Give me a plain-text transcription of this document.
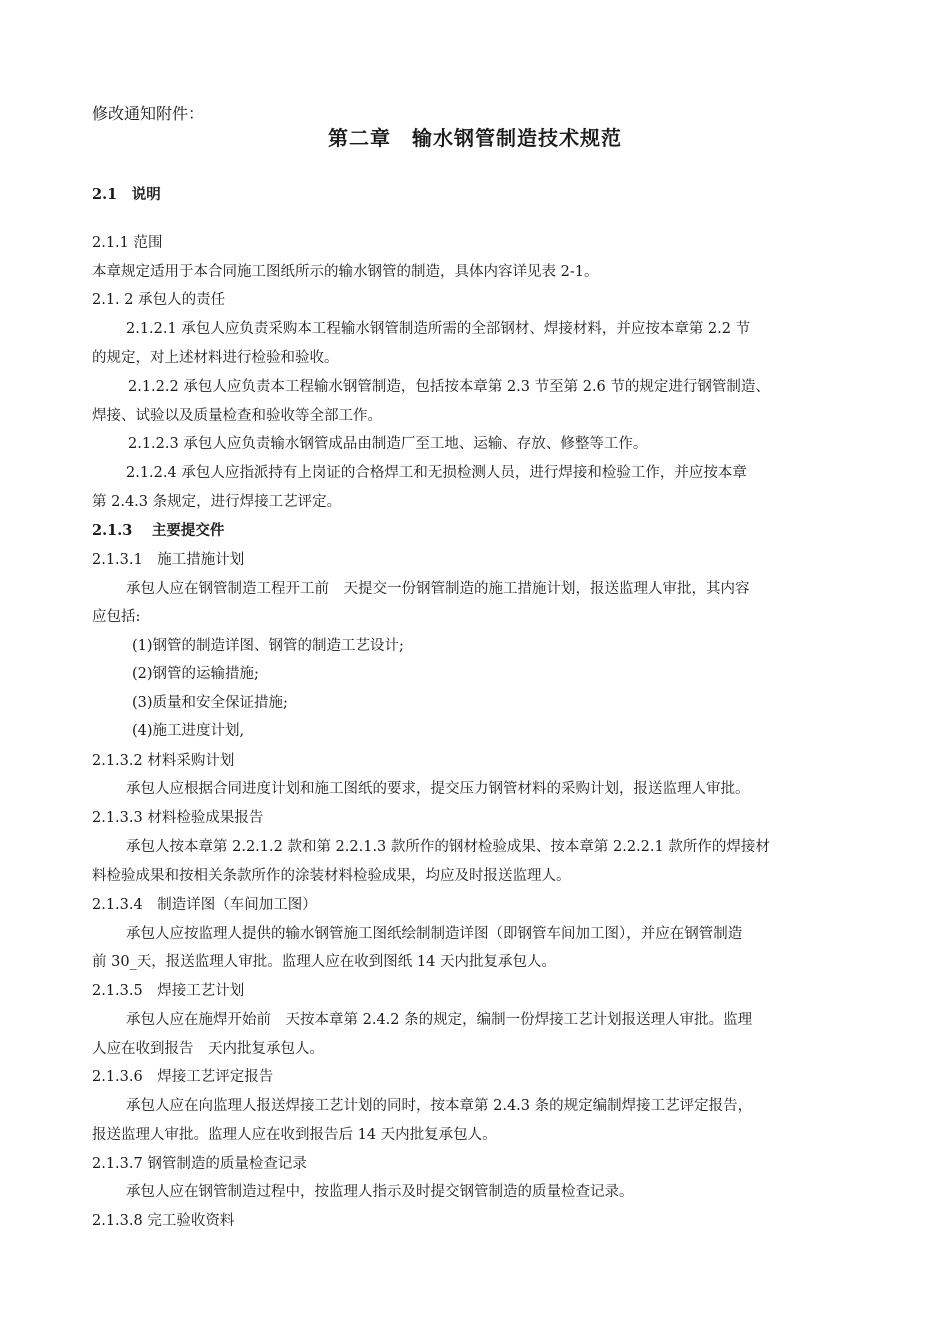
修改通知附件：
第二章　输水钢管制造技术规范
2.1　说明
2.1.1 范围
本章规定适用于本合同施工图纸所示的输水钢管的制造，具体内容详见表 2-1。
2.1. 2 承包人的责任
2.1.2.1 承包人应负责采购本工程输水钢管制造所需的全部钢材、焊接材料，并应按本章第 2.2 节
的规定，对上述材料进行检验和验收。
2.1.2.2 承包人应负责本工程输水钢管制造，包括按本章第 2.3 节至第 2.6 节的规定进行钢管制造、
焊接、试验以及质量检查和验收等全部工作。
2.1.2.3 承包人应负责输水钢管成品由制造厂至工地、运输、存放、修整等工作。
2.1.2.4 承包人应指派持有上岗证的合格焊工和无损检测人员，进行焊接和检验工作，并应按本章
第 2.4.3 条规定，进行焊接工艺评定。
2.1.3　 主要提交件
2.1.3.1　施工措施计划
承包人应在钢管制造工程开工前　天提交一份钢管制造的施工措施计划，报送监理人审批，其内容
应包括:
(1)钢管的制造详图、钢管的制造工艺设计;
(2)钢管的运输措施;
(3)质量和安全保证措施;
(4)施工进度计划,
2.1.3.2 材料采购计划
承包人应根据合同进度计划和施工图纸的要求，提交压力钢管材料的采购计划，报送监理人审批。
2.1.3.3 材料检验成果报告
承包人按本章第 2.2.1.2 款和第 2.2.1.3 款所作的钢材检验成果、按本章第 2.2.2.1 款所作的焊接材
料检验成果和按相关条款所作的涂装材料检验成果，均应及时报送监理人。
2.1.3.4　制造详图（车间加工图）
承包人应按监理人提供的输水钢管施工图纸绘制制造详图（即钢管车间加工图），并应在钢管制造
前 30_天，报送监理人审批。监理人应在收到图纸 14 天内批复承包人。
2.1.3.5　焊接工艺计划
承包人应在施焊开始前　天按本章第 2.4.2 条的规定，编制一份焊接工艺计划报送理人审批。监理
人应在收到报告　天内批复承包人。
2.1.3.6　焊接工艺评定报告
承包人应在向监理人报送焊接工艺计划的同时，按本章第 2.4.3 条的规定编制焊接工艺评定报告，
报送监理人审批。监理人应在收到报告后 14 天内批复承包人。
2.1.3.7 钢管制造的质量检查记录
承包人应在钢管制造过程中，按监理人指示及时提交钢管制造的质量检查记录。
2.1.3.8 完工验收资料
